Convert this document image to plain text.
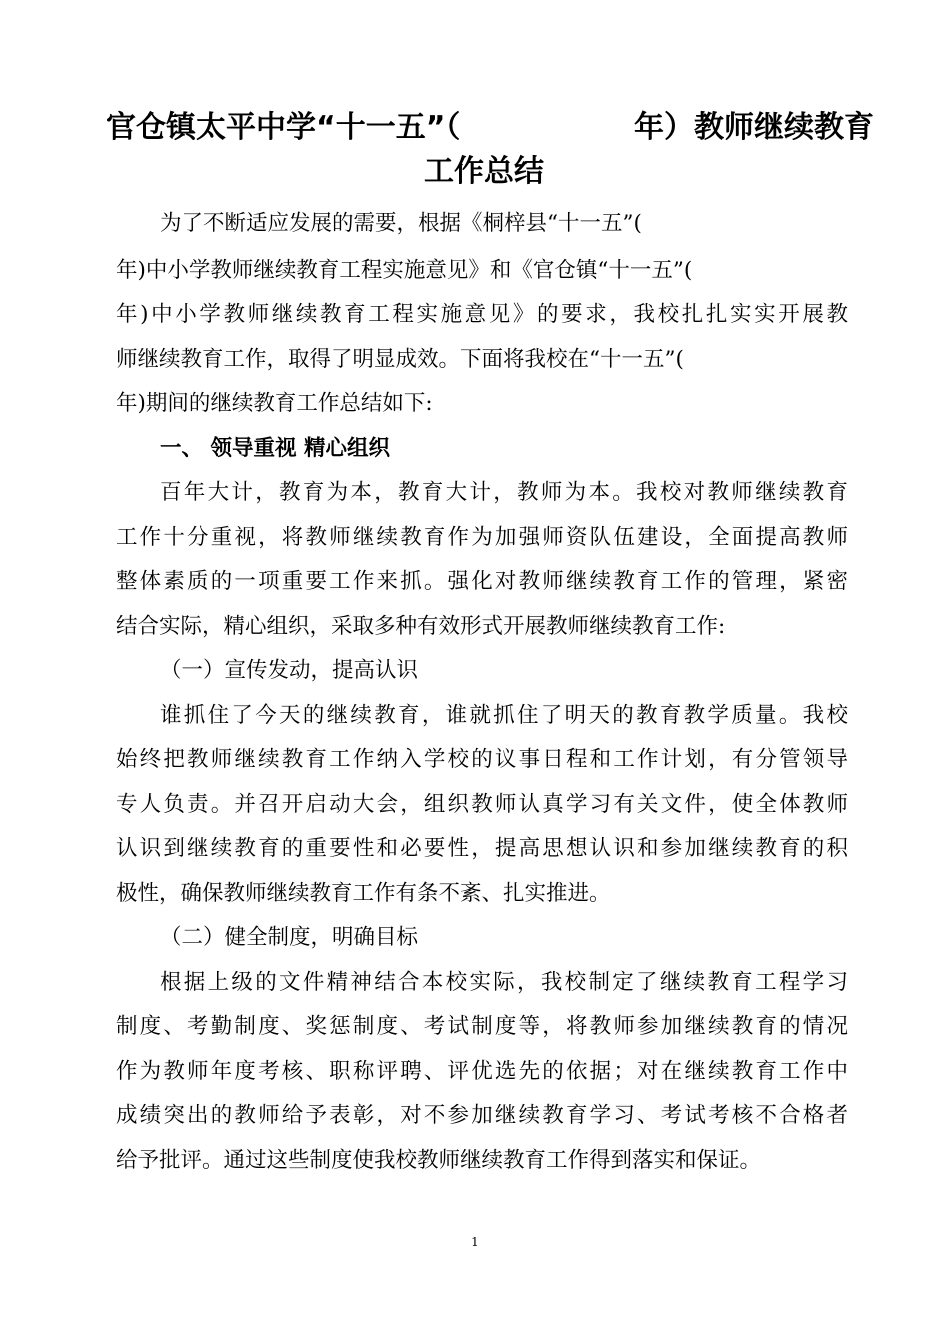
官仓镇太平中学“十一五”（	年）教师继续教育
工作总结
为了不断适应发展的需要，根据《桐梓县“十一五”(
年)中小学教师继续教育工程实施意见》和《官仓镇“十一五”(
年)中小学教师继续教育工程实施意见》的要求，我校扎扎实实开展教
师继续教育工作，取得了明显成效。下面将我校在“十一五”(
年)期间的继续教育工作总结如下:
一、 领导重视 精心组织
百年大计，教育为本，教育大计，教师为本。我校对教师继续教育
工作十分重视，将教师继续教育作为加强师资队伍建设，全面提高教师
整体素质的一项重要工作来抓。强化对教师继续教育工作的管理，紧密
结合实际，精心组织，采取多种有效形式开展教师继续教育工作:
（一）宣传发动，提高认识
谁抓住了今天的继续教育，谁就抓住了明天的教育教学质量。我校
始终把教师继续教育工作纳入学校的议事日程和工作计划，有分管领导
专人负责。并召开启动大会，组织教师认真学习有关文件，使全体教师
认识到继续教育的重要性和必要性，提高思想认识和参加继续教育的积
极性，确保教师继续教育工作有条不紊、扎实推进。
（二）健全制度，明确目标
根据上级的文件精神结合本校实际，我校制定了继续教育工程学习
制度、考勤制度、奖惩制度、考试制度等，将教师参加继续教育的情况
作为教师年度考核、职称评聘、评优选先的依据；对在继续教育工作中
成绩突出的教师给予表彰，对不参加继续教育学习、考试考核不合格者
给予批评。通过这些制度使我校教师继续教育工作得到落实和保证。
1
